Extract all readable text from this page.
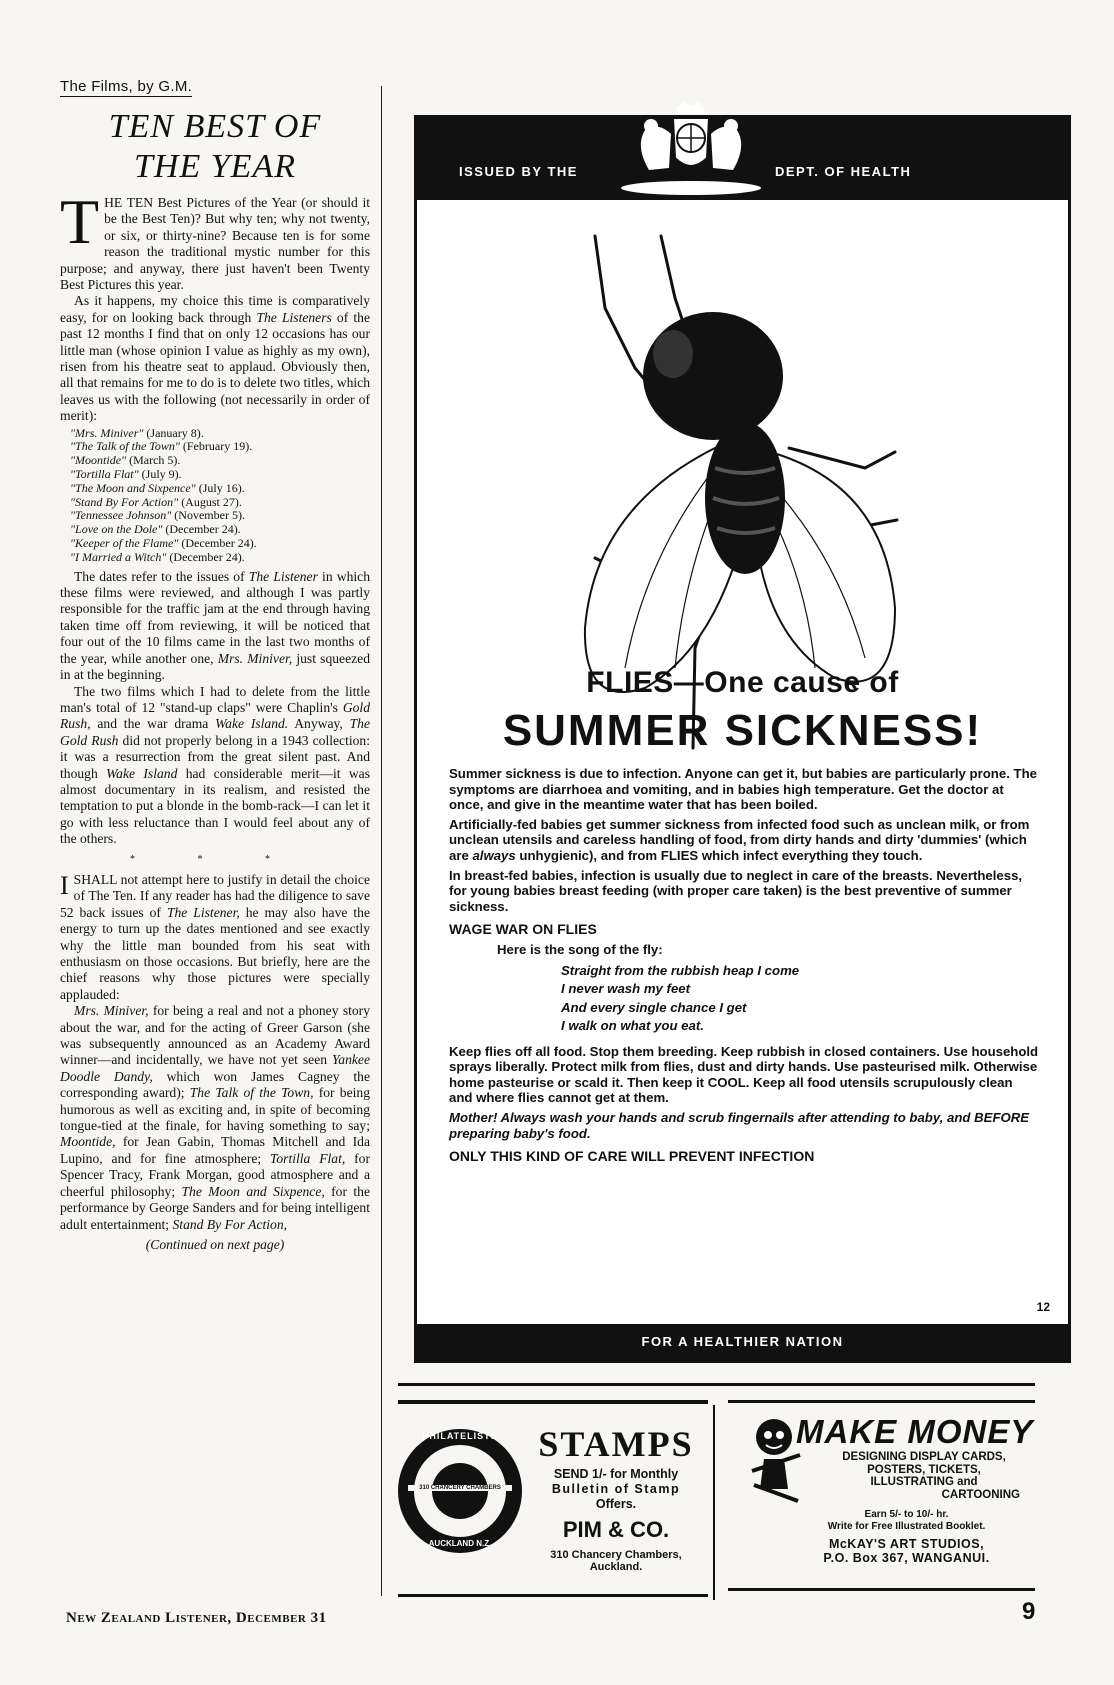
The Films, by G.M.
TEN BEST OF
THE YEAR

THE TEN Best Pictures of the Year (or should it be the Best Ten)? But why ten; why not twenty, or six, or thirty-nine? Because ten is for some reason the traditional mystic number for this purpose; and anyway, there just haven't been Twenty Best Pictures this year.

As it happens, my choice this time is comparatively easy, for on looking back through The Listeners of the past 12 months I find that on only 12 occasions has our little man (whose opinion I value as highly as my own), risen from his theatre seat to applaud. Obviously then, all that remains for me to do is to delete two titles, which leaves us with the following (not necessarily in order of merit):

"Mrs. Miniver" (January 8).
"The Talk of the Town" (February 19).
"Moontide" (March 5).
"Tortilla Flat" (July 9).
"The Moon and Sixpence" (July 16).
"Stand By For Action" (August 27).
"Tennessee Johnson" (November 5).
"Love on the Dole" (December 24).
"Keeper of the Flame" (December 24).
"I Married a Witch" (December 24).

The dates refer to the issues of The Listener in which these films were reviewed, and although I was partly responsible for the traffic jam at the end through having taken time off from reviewing, it will be noticed that four out of the 10 films came in the last two months of the year, while another one, Mrs. Miniver, just squeezed in at the beginning.

The two films which I had to delete from the little man's total of 12 "stand-up claps" were Chaplin's Gold Rush, and the war drama Wake Island. Anyway, The Gold Rush did not properly belong in a 1943 collection: it was a resurrection from the great silent past. And though Wake Island had considerable merit—it was almost documentary in its realism, and resisted the temptation to put a blonde in the bomb-rack—I can let it go with less reluctance than I would feel about any of the others.

* * *

ISHALL not attempt here to justify in detail the choice of The Ten. If any reader has had the diligence to save 52 back issues of The Listener, he may also have the energy to turn up the dates mentioned and see exactly why the little man bounded from his seat with enthusiasm on those occasions. But briefly, here are the chief reasons why those pictures were specially applauded:

Mrs. Miniver, for being a real and not a phoney story about the war, and for the acting of Greer Garson (she was subsequently announced as an Academy Award winner—and incidentally, we have not yet seen Yankee Doodle Dandy, which won James Cagney the corresponding award); The Talk of the Town, for being humorous as well as exciting and, in spite of becoming tongue-tied at the finale, for having something to say; Moontide, for Jean Gabin, Thomas Mitchell and Ida Lupino, and for fine atmosphere; Tortilla Flat, for Spencer Tracy, Frank Morgan, good atmosphere and a cheerful philosophy; The Moon and Sixpence, for the performance by George Sanders and for being intelligent adult entertainment; Stand By For Action,

(Continued on next page)
New Zealand Listener, December 31
ISSUED BY THE	DEPT. OF HEALTH
FLIES—One cause of
SUMMER SICKNESS!

Summer sickness is due to infection. Anyone can get it, but babies are particularly prone. The symptoms are diarrhoea and vomiting, and in babies high temperature. Get the doctor at once, and give in the meantime water that has been boiled.

Artificially-fed babies get summer sickness from infected food such as unclean milk, or from unclean utensils and careless handling of food, from dirty hands and dirty 'dummies' (which are always unhygienic), and from FLIES which infect everything they touch.

In breast-fed babies, infection is usually due to neglect in care of the breasts. Nevertheless, for young babies breast feeding (with proper care taken) is the best preventive of summer sickness.

WAGE WAR ON FLIES

Here is the song of the fly:

Straight from the rubbish heap I come
I never wash my feet
And every single chance I get
I walk on what you eat.

Keep flies off all food. Stop them breeding. Keep rubbish in closed containers. Use household sprays liberally. Protect milk from flies, dust and dirty hands. Use pasteurised milk. Otherwise home pasteurise or scald it. Then keep it COOL. Keep all food utensils scrupulously clean and where flies cannot get at them.

Mother! Always wash your hands and scrub fingernails after attending to baby, and BEFORE preparing baby's food.

ONLY THIS KIND OF CARE WILL PREVENT INFECTION

12
FOR A HEALTHIER NATION
PHILATELISTS
310 CHANCERY CHAMBERS
AUCKLAND N.Z.
STAMPS
SEND 1/- for Monthly
Bulletin of Stamp
Offers.
PIM & CO.
310 Chancery Chambers,
Auckland.
MAKE MONEY
DESIGNING DISPLAY CARDS,
POSTERS, TICKETS,
ILLUSTRATING and
CARTOONING
Earn 5/- to 10/- hr.
Write for Free Illustrated Booklet.
McKAY'S ART STUDIOS,
P.O. Box 367, WANGANUI.
9
